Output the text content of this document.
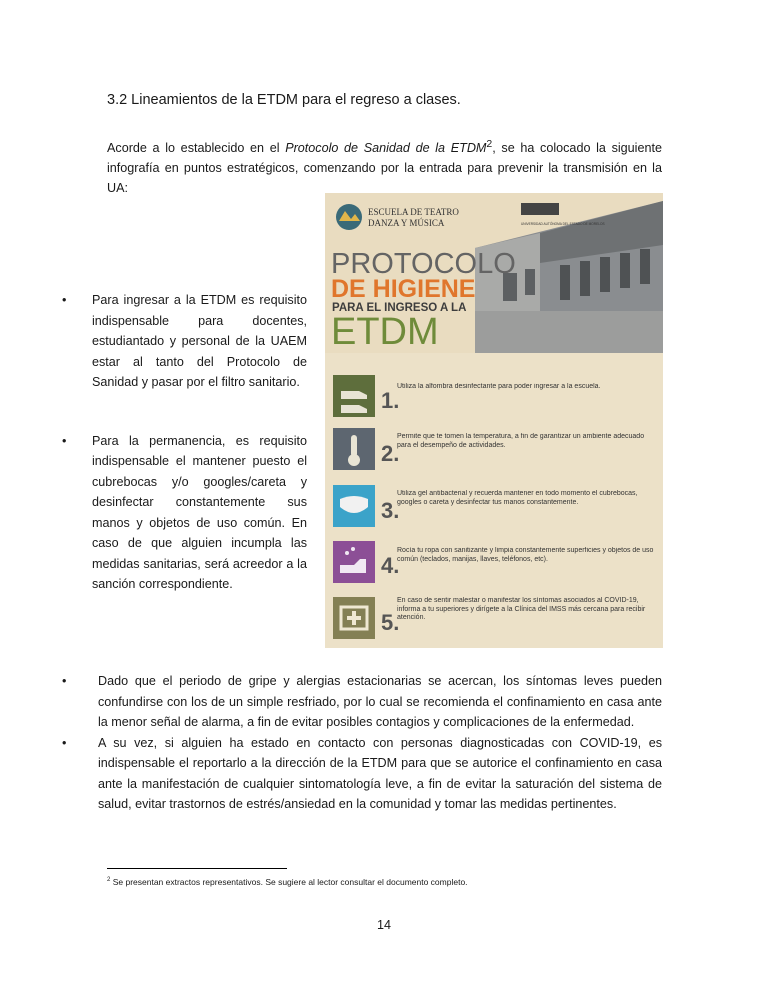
3.2 Lineamientos de la ETDM para el regreso a clases.

Acorde a lo establecido en el Protocolo de Sanidad de la ETDM$^2$, se ha colocado la siguiente infografía en puntos estratégicos, comenzando por la entrada para prevenir la transmisión en la UA:

• Para ingresar a la ETDM es requisito indispensable para docentes, estudiantado y personal de la UAEM estar al tanto del Protocolo de Sanidad y pasar por el filtro sanitario.
• Para la permanencia, es requisito indispensable el mantener puesto el cubrebocas y/o googles/careta y desinfectar constantemente sus manos y objetos de uso común. En caso de que alguien incumpla las medidas sanitarias, será acreedor a la sanción correspondiente.
ESCUELA DE TEATRO
DANZA Y MÚSICA	UNIVERSIDAD AUTÓNOMA DEL ESTADO DE MORELOS
PROTOCOLO
DE HIGIENE
PARA EL INGRESO A LA
ETDM
1.
Utiliza la alfombra desinfectante para poder ingresar a la escuela.
2.
Permite que te tomen la temperatura, a fin de garantizar un ambiente adecuado para el desempeño de actividades.
3.
Utiliza gel antibacterial y recuerda mantener en todo momento el cubrebocas, googles o careta y desinfectar tus manos constantemente.
4.
Rocía tu ropa con sanitizante y limpia constantemente superficies y objetos de uso común (teclados, manijas, llaves, teléfonos, etc).
5.
En caso de sentir malestar o manifestar los síntomas asociados al COVID-19, informa a tu superiores y dirígete a la Clínica del IMSS más cercana para recibir atención.
•	Dado que el periodo de gripe y alergias estacionarias se acercan, los síntomas leves pueden confundirse con los de un simple resfriado, por lo cual se recomienda el confinamiento en casa ante la menor señal de alarma, a fin de evitar posibles contagios y complicaciones de la enfermedad.
•	A su vez, si alguien ha estado en contacto con personas diagnosticadas con COVID-19, es indispensable el reportarlo a la dirección de la ETDM para que se autorice el confinamiento en casa ante la manifestación de cualquier sintomatología leve, a fin de evitar la saturación del sistema de salud, evitar trastornos de estrés/ansiedad en la comunidad y tomar las medidas pertinentes.

$^2$ Se presentan extractos representativos. Se sugiere al lector consultar el documento completo.

14
